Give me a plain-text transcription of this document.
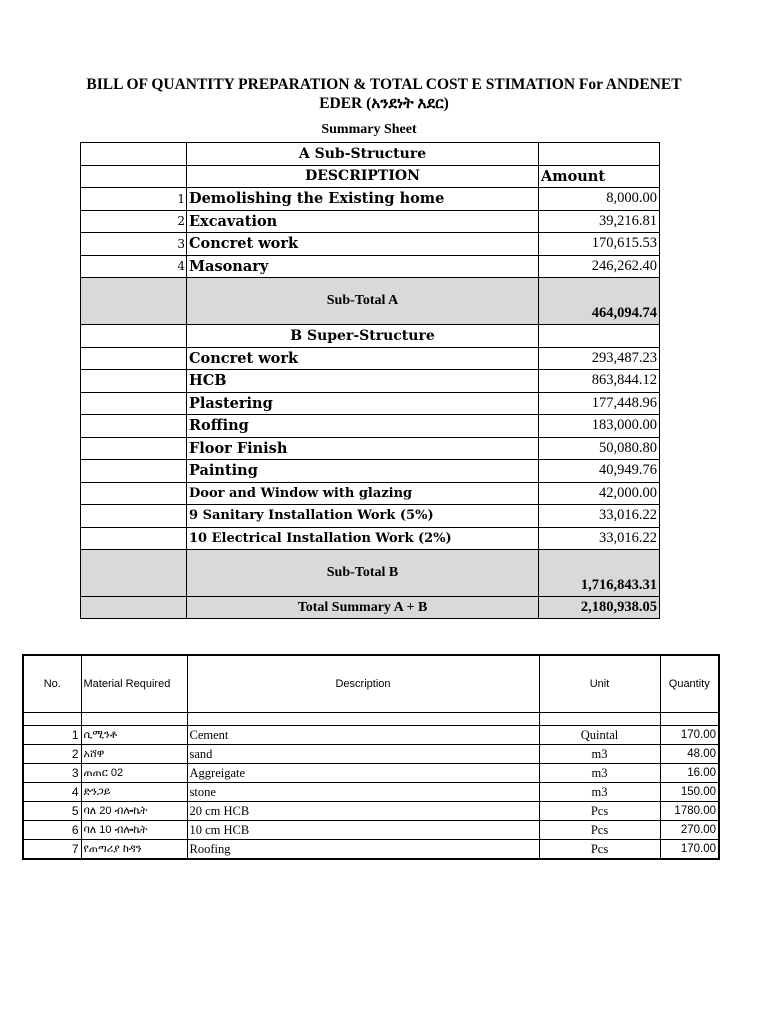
BILL OF QUANTITY PREPARATION & TOTAL COST E STIMATION For ANDENET
EDER (አንደነት እደር)
Summary Sheet
	A Sub-Structure	
	DESCRIPTION	Amount
1	Demolishing the Existing home	8,000.00
2	Excavation	39,216.81
3	Concret work	170,615.53
4	Masonary	246,262.40
	Sub-Total A	464,094.74
	B Super-Structure	
	Concret work	293,487.23
	HCB	863,844.12
	Plastering	177,448.96
	Roffing	183,000.00
	Floor Finish	50,080.80
	Painting	40,949.76
	Door and Window with glazing	42,000.00
	9 Sanitary Installation Work (5%)	33,016.22
	10 Electrical Installation Work (2%)	33,016.22
	Sub-Total B	1,716,843.31
	Total Summary A + B	2,180,938.05
No.	Material Required	Description	Unit	Quantity

1	ሲሚንቶ	Cement	Quintal	170.00
2	አሸዋ	sand	m3	48.00
3	ጠጠር 02	Aggreigate	m3	16.00
4	ድንጋይ	stone	m3	150.00
5	ባለ 20 ብሎኬት	20 cm HCB	Pcs	1780.00
6	ባለ 10 ብሎኬት	10 cm HCB	Pcs	270.00
7	የጠጣሪያ ከዳን	Roofing	Pcs	170.00
